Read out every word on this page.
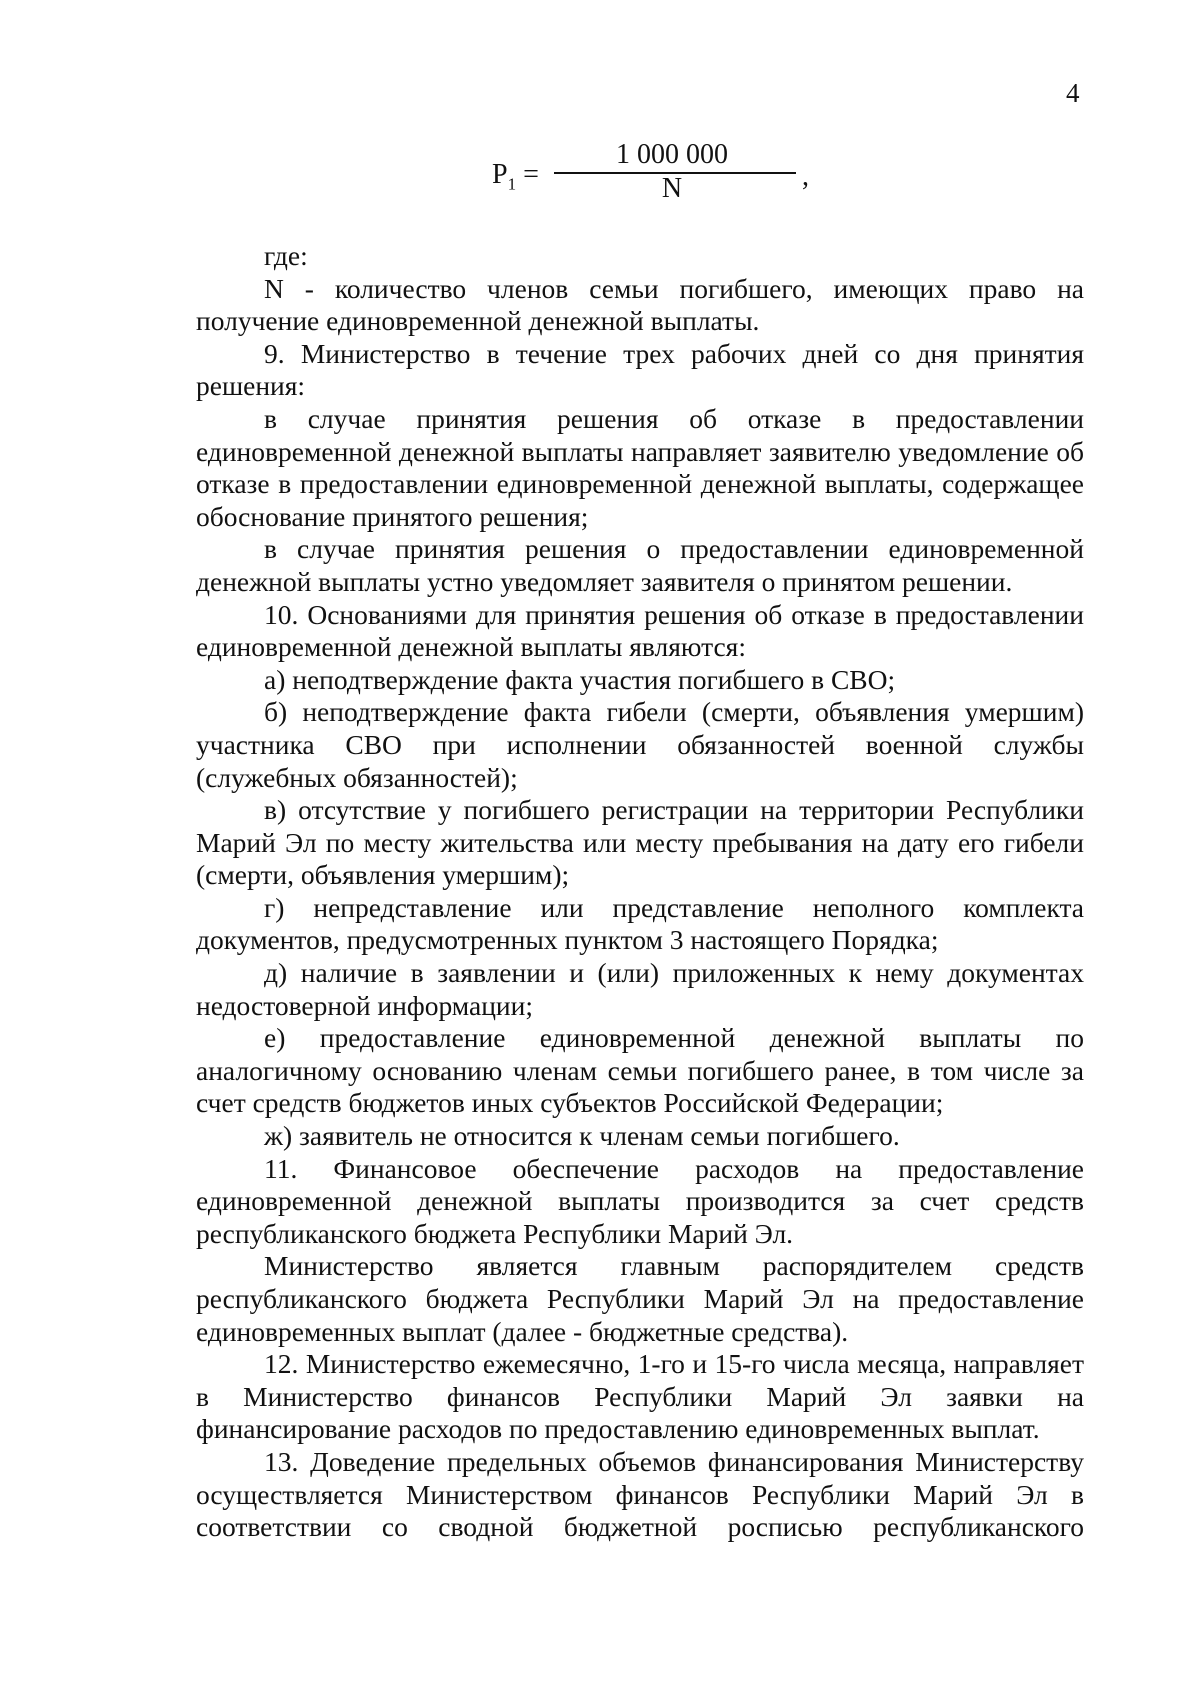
4
$P_1$ =
1 000 000
N	,

где:

N - количество членов семьи погибшего, имеющих право на получение единовременной денежной выплаты.

9. Министерство в течение трех рабочих дней со дня принятия решения:

в случае принятия решения об отказе в предоставлении единовременной денежной выплаты направляет заявителю уведомление об отказе в предоставлении единовременной денежной выплаты, содержащее обоснование принятого решения;

в случае принятия решения о предоставлении единовременной денежной выплаты устно уведомляет заявителя о принятом решении.

10. Основаниями для принятия решения об отказе в предоставлении единовременной денежной выплаты являются:

а) неподтверждение факта участия погибшего в СВО;

б) неподтверждение факта гибели (смерти, объявления умершим) участника СВО при исполнении обязанностей военной службы (служебных обязанностей);

в) отсутствие у погибшего регистрации на территории Республики Марий Эл по месту жительства или месту пребывания на дату его гибели (смерти, объявления умершим);

г) непредставление или представление неполного комплекта документов, предусмотренных пунктом 3 настоящего Порядка;

д) наличие в заявлении и (или) приложенных к нему документах недостоверной информации;

е) предоставление единовременной денежной выплаты по аналогичному основанию членам семьи погибшего ранее, в том числе за счет средств бюджетов иных субъектов Российской Федерации;

ж) заявитель не относится к членам семьи погибшего.

11. Финансовое обеспечение расходов на предоставление единовременной денежной выплаты производится за счет средств республиканского бюджета Республики Марий Эл.

Министерство является главным распорядителем средств республиканского бюджета Республики Марий Эл на предоставление единовременных выплат (далее - бюджетные средства).

12. Министерство ежемесячно, 1-го и 15-го числа месяца, направляет в Министерство финансов Республики Марий Эл заявки на финансирование расходов по предоставлению единовременных выплат.

13. Доведение предельных объемов финансирования Министерству осуществляется Министерством финансов Республики Марий Эл в соответствии со сводной бюджетной росписью республиканского
